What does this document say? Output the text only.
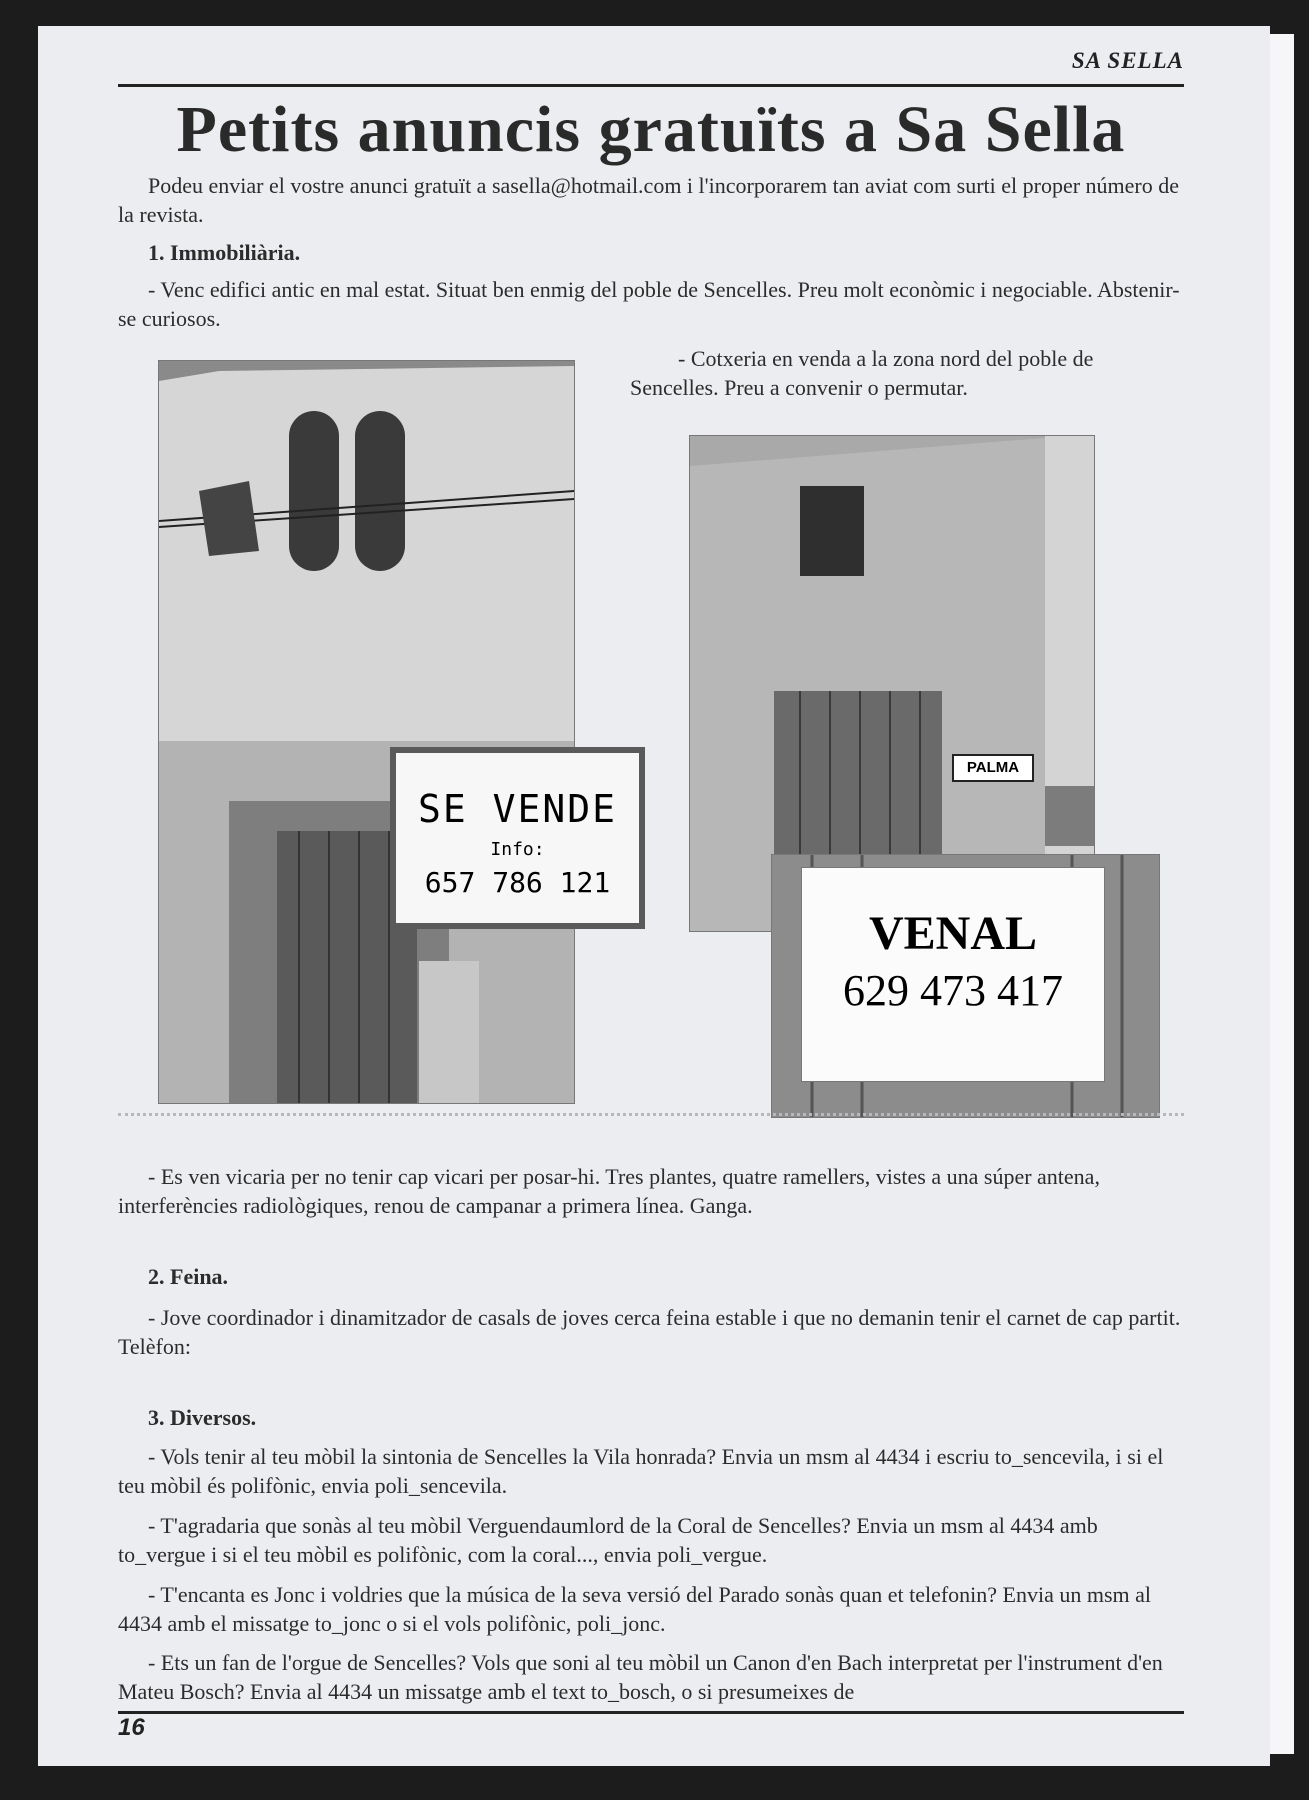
SA SELLA
Petits anuncis gratuïts a Sa Sella
Podeu enviar el vostre anunci gratuït a sasella@hotmail.com i l'incorporarem tan aviat com surti el proper número de la revista.
1. Immobiliària.
- Venc edifici antic en mal estat. Situat ben enmig del poble de Sencelles. Preu molt econòmic i negociable. Abstenir-se curiosos.
- Cotxeria en venda a la zona nord del poble de Sencelles. Preu a convenir o permutar.
SE VENDE
Info:
657 786 121
PALMA
VENAL
629 473 417
- Es ven vicaria per no tenir cap vicari per posar-hi. Tres plantes, quatre ramellers, vistes a una súper antena, interferències radiològiques, renou de campanar a primera línea. Ganga.
2. Feina.
- Jove coordinador i dinamitzador de casals de joves cerca feina estable i que no demanin tenir el carnet de cap partit. Telèfon:
3. Diversos.
- Vols tenir al teu mòbil la sintonia de Sencelles la Vila honrada? Envia un msm al 4434 i escriu to_sencevila, i si el teu mòbil és polifònic, envia poli_sencevila.
- T'agradaria que sonàs al teu mòbil Verguendaumlord de la Coral de Sencelles? Envia un msm al 4434 amb to_vergue i si el teu mòbil es polifònic, com la coral..., envia poli_vergue.
- T'encanta es Jonc i voldries que la música de la seva versió del Parado sonàs quan et telefonin? Envia un msm al 4434 amb el missatge to_jonc o si el vols polifònic, poli_jonc.
- Ets un fan de l'orgue de Sencelles? Vols que soni al teu mòbil un Canon d'en Bach interpretat per l'instrument d'en Mateu Bosch? Envia al 4434 un missatge amb el text to_bosch, o si presumeixes de
16
